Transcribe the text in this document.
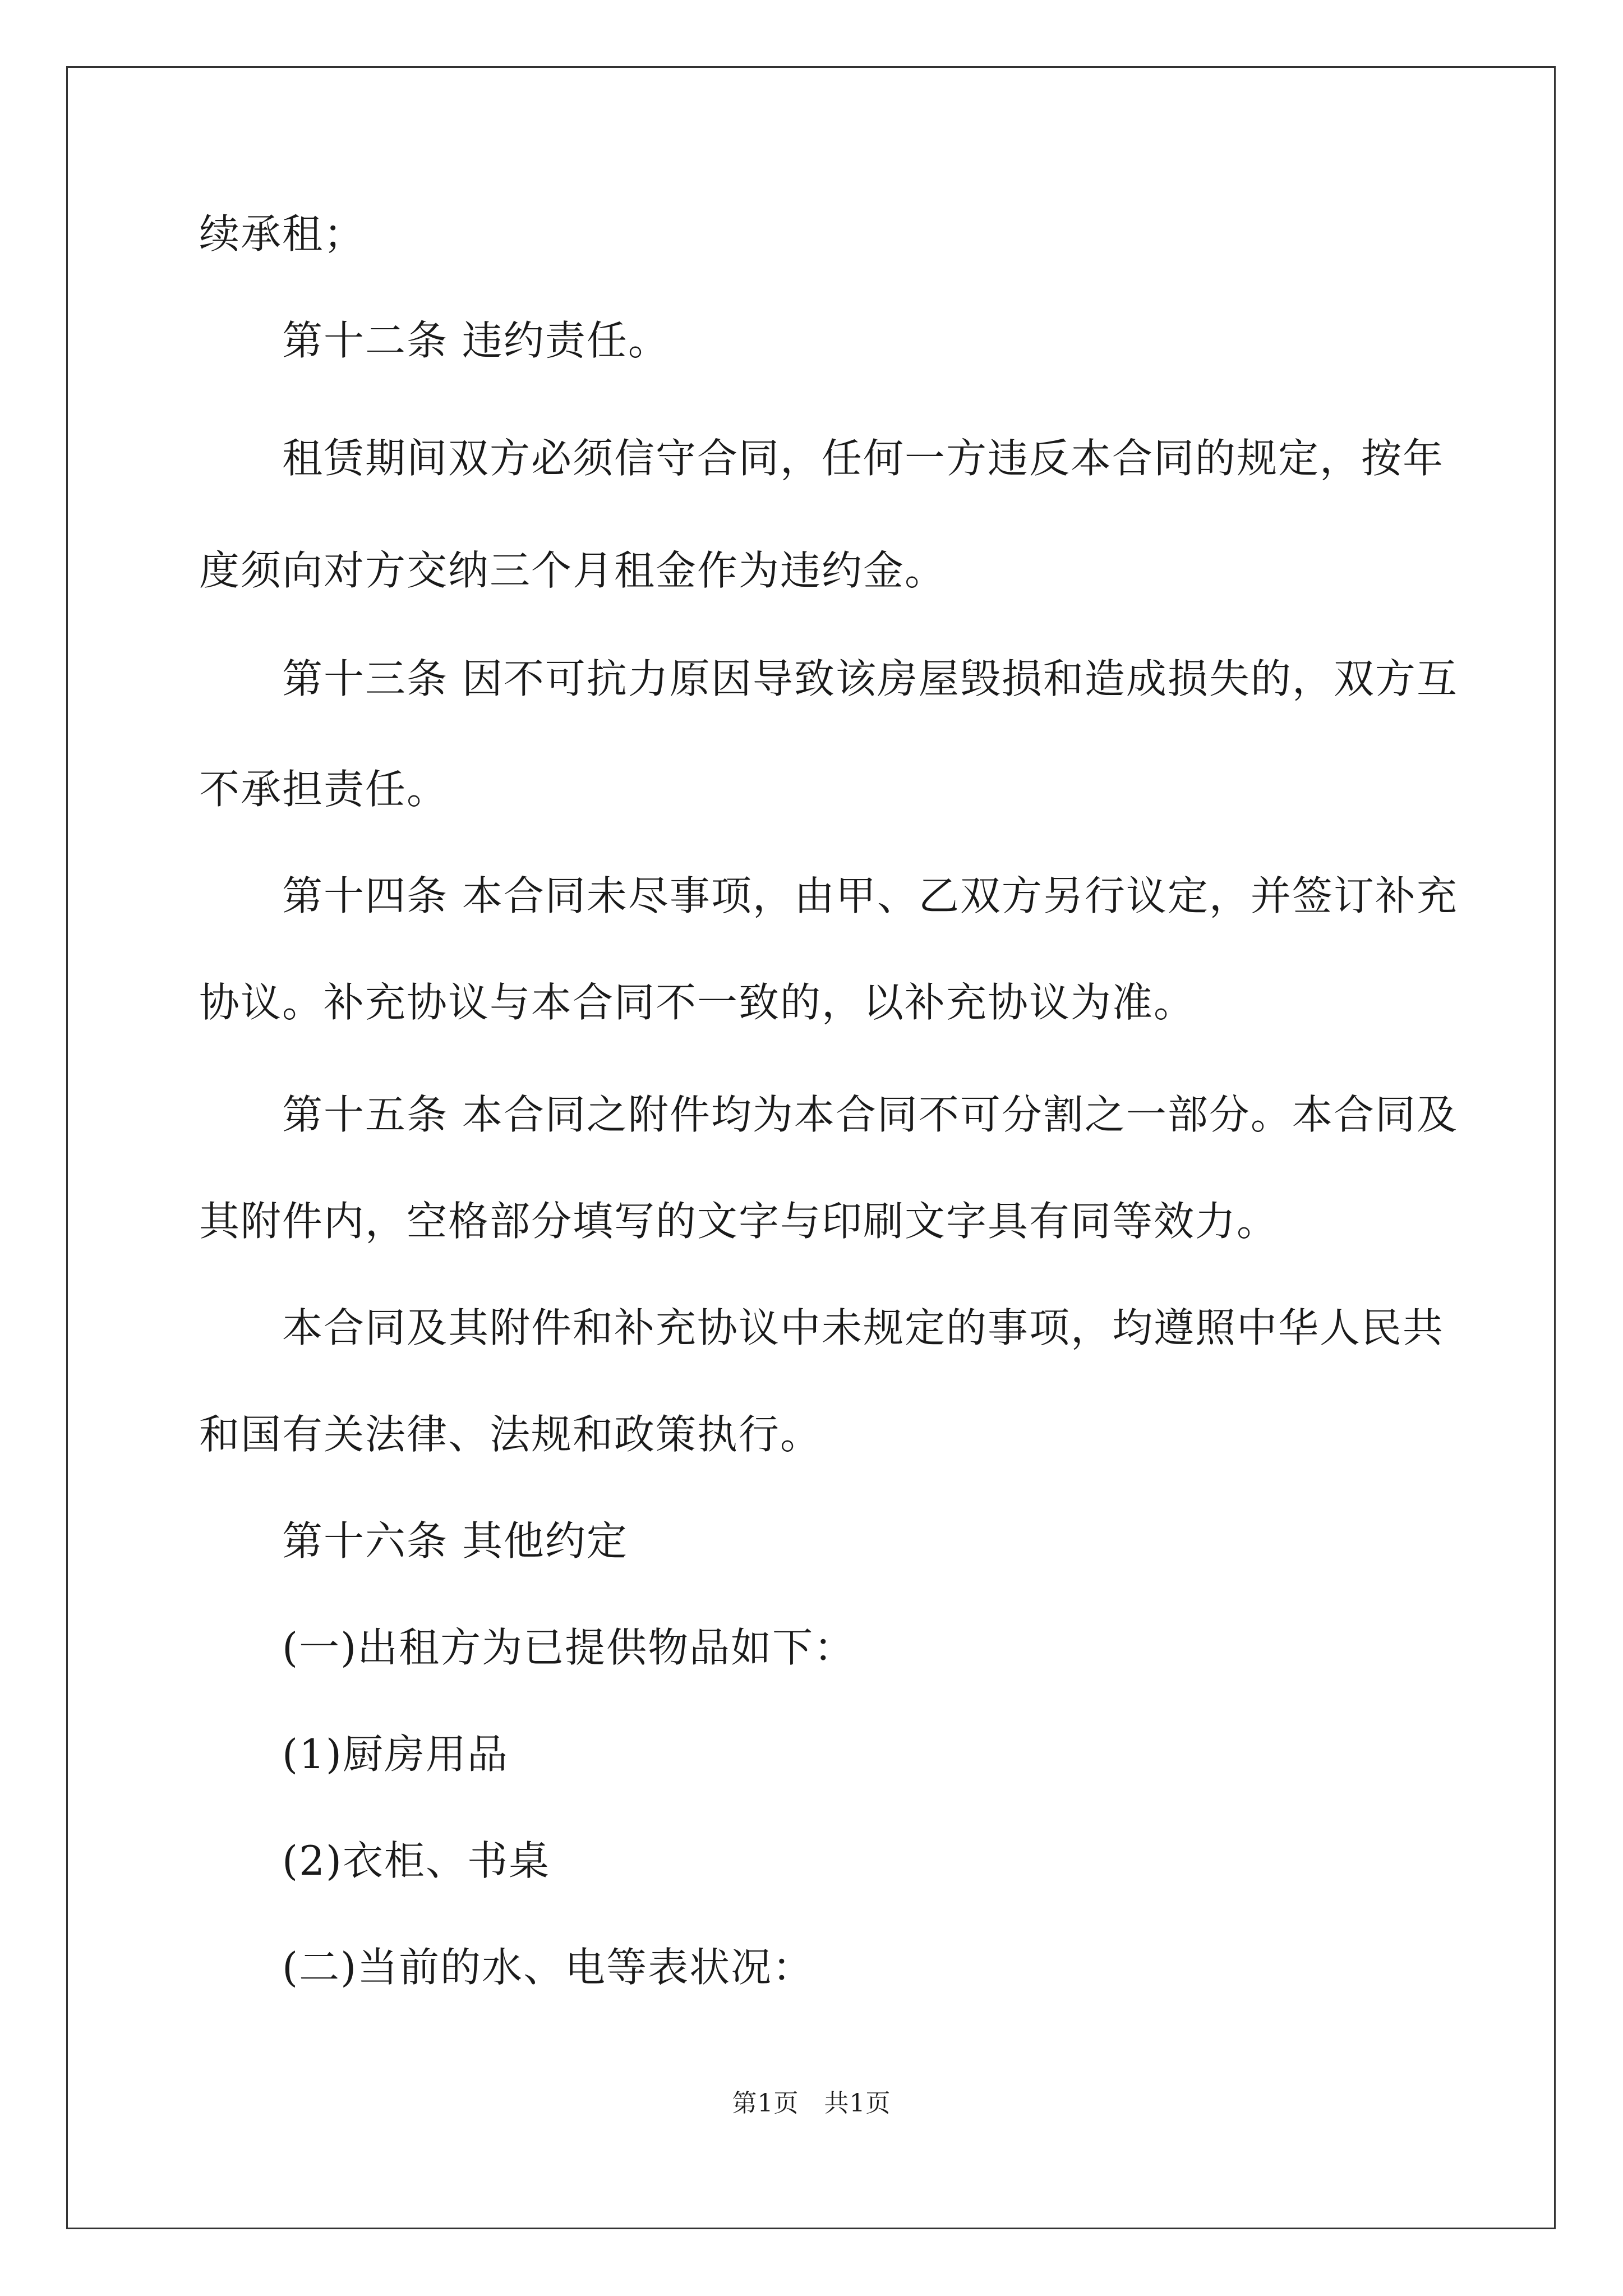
续承租；
第十二条 违约责任。
租赁期间双方必须信守合同，任何一方违反本合同的规定，按年
度须向对方交纳三个月租金作为违约金。
第十三条 因不可抗力原因导致该房屋毁损和造成损失的，双方互
不承担责任。
第十四条 本合同未尽事项，由甲、乙双方另行议定，并签订补充
协议。补充协议与本合同不一致的，以补充协议为准。
第十五条 本合同之附件均为本合同不可分割之一部分。本合同及
其附件内，空格部分填写的文字与印刷文字具有同等效力。
本合同及其附件和补充协议中未规定的事项，均遵照中华人民共
和国有关法律、法规和政策执行。
第十六条 其他约定
(一)出租方为已提供物品如下：
(1)厨房用品
(2)衣柜、书桌
(二)当前的水、电等表状况：
第1页　共1页
